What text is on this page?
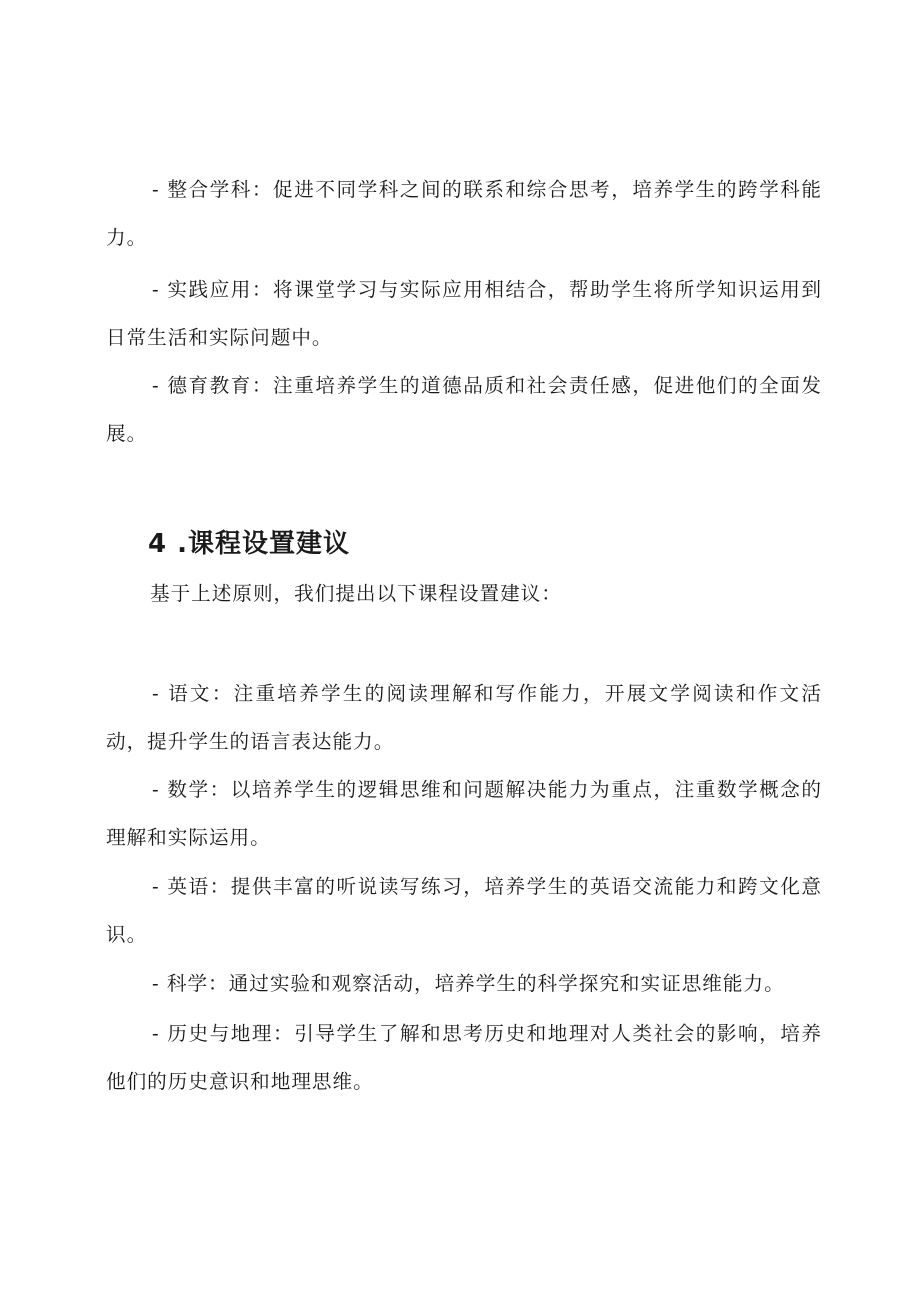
- 整合学科：促进不同学科之间的联系和综合思考，培养学生的跨学科能力。

- 实践应用：将课堂学习与实际应用相结合，帮助学生将所学知识运用到日常生活和实际问题中。

- 德育教育：注重培养学生的道德品质和社会责任感，促进他们的全面发展。

4 .课程设置建议

基于上述原则，我们提出以下课程设置建议：

- 语文：注重培养学生的阅读理解和写作能力，开展文学阅读和作文活动，提升学生的语言表达能力。

- 数学：以培养学生的逻辑思维和问题解决能力为重点，注重数学概念的理解和实际运用。

- 英语：提供丰富的听说读写练习，培养学生的英语交流能力和跨文化意识。

- 科学：通过实验和观察活动，培养学生的科学探究和实证思维能力。

- 历史与地理：引导学生了解和思考历史和地理对人类社会的影响，培养他们的历史意识和地理思维。
